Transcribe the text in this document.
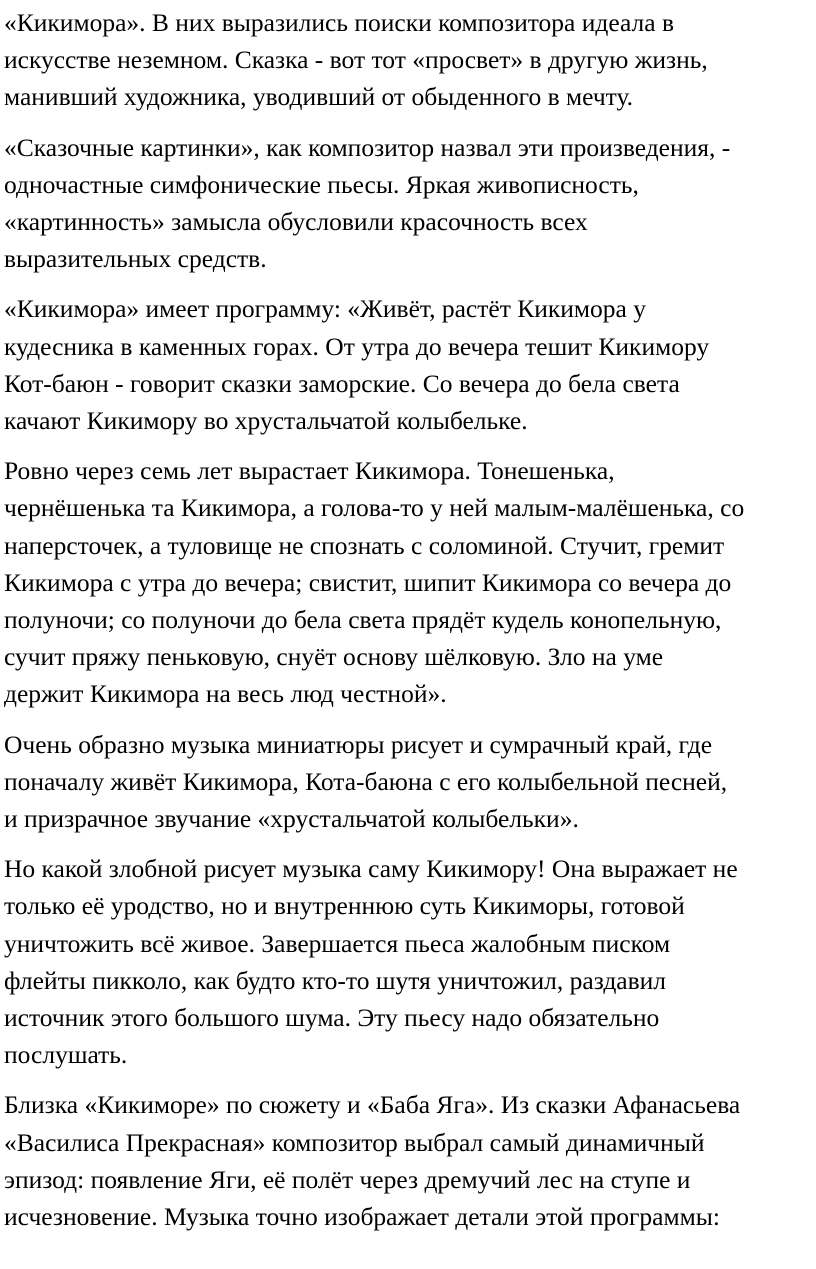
«Кикимора». В них выразились поиски композитора идеала в
искусстве неземном. Сказка - вот тот «просвет» в другую жизнь,
манивший художника, уводивший от обыденного в мечту.

«Сказочные картинки», как композитор назвал эти произведения, -
одночастные симфонические пьесы. Яркая живописность,
«картинность» замысла обусловили красочность всех
выразительных средств.

«Кикимора» имеет программу: «Живёт, растёт Кикимора у
кудесника в каменных горах. От утра до вечера тешит Кикимору
Кот-баюн - говорит сказки заморские. Со вечера до бела света
качают Кикимору во хрустальчатой колыбельке.

Ровно через семь лет вырастает Кикимора. Тонешенька,
чернёшенька та Кикимора, а голова-то у ней малым-малёшенька, со
наперсточек, а туловище не спознать с соломиной. Стучит, гремит
Кикимора с утра до вечера; свистит, шипит Кикимора со вечера до
полуночи; со полуночи до бела света прядёт кудель конопельную,
сучит пряжу пеньковую, снуёт основу шёлковую. Зло на уме
держит Кикимора на весь люд честной».

Очень образно музыка миниатюры рисует и сумрачный край, где
поначалу живёт Кикимора, Кота-баюна с его колыбельной песней,
и призрачное звучание «хрустальчатой колыбельки».

Но какой злобной рисует музыка саму Кикимору! Она выражает не
только её уродство, но и внутреннюю суть Кикиморы, готовой
уничтожить всё живое. Завершается пьеса жалобным писком
флейты пикколо, как будто кто-то шутя уничтожил, раздавил
источник этого большого шума. Эту пьесу надо обязательно
послушать.

Близка «Кикиморе» по сюжету и «Баба Яга». Из сказки Афанасьева
«Василиса Прекрасная» композитор выбрал самый динамичный
эпизод: появление Яги, её полёт через дремучий лес на ступе и
исчезновение. Музыка точно изображает детали этой программы:
